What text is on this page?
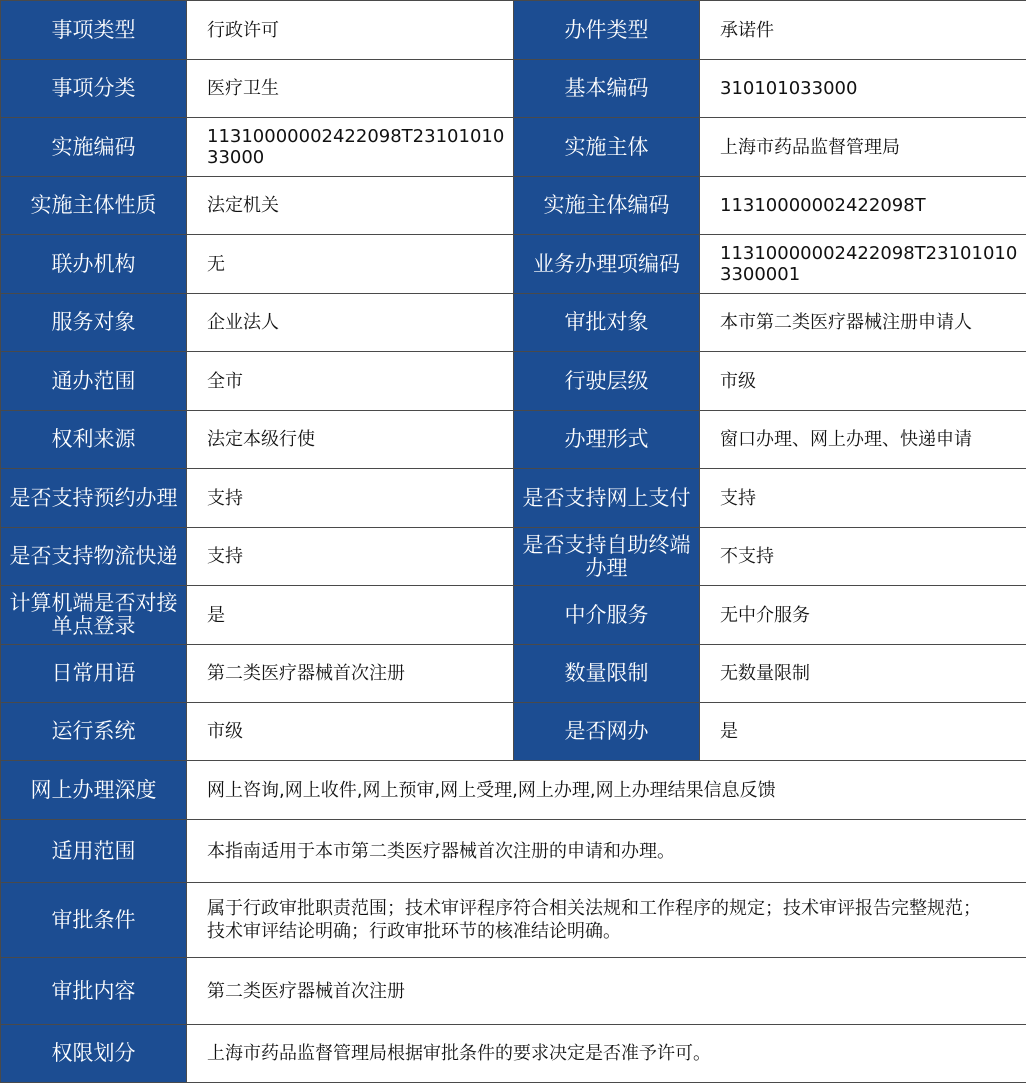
事项类型	行政许可	办件类型	承诺件
事项分类	医疗卫生	基本编码	310101033000
实施编码	11310000002422098T2310101033000	实施主体	上海市药品监督管理局
实施主体性质	法定机关	实施主体编码	11310000002422098T
联办机构	无	业务办理项编码	11310000002422098T231010103300001
服务对象	企业法人	审批对象	本市第二类医疗器械注册申请人
通办范围	全市	行驶层级	市级
权利来源	法定本级行使	办理形式	窗口办理、网上办理、快递申请
是否支持预约办理	支持	是否支持网上支付	支持
是否支持物流快递	支持	是否支持自助终端办理	不支持
计算机端是否对接单点登录	是	中介服务	无中介服务
日常用语	第二类医疗器械首次注册	数量限制	无数量限制
运行系统	市级	是否网办	是
网上办理深度	网上咨询,网上收件,网上预审,网上受理,网上办理,网上办理结果信息反馈		
适用范围	本指南适用于本市第二类医疗器械首次注册的申请和办理。		
审批条件	属于行政审批职责范围；技术审评程序符合相关法规和工作程序的规定；技术审评报告完整规范；技术审评结论明确；行政审批环节的核准结论明确。		
审批内容	第二类医疗器械首次注册		
权限划分	上海市药品监督管理局根据审批条件的要求决定是否准予许可。		
